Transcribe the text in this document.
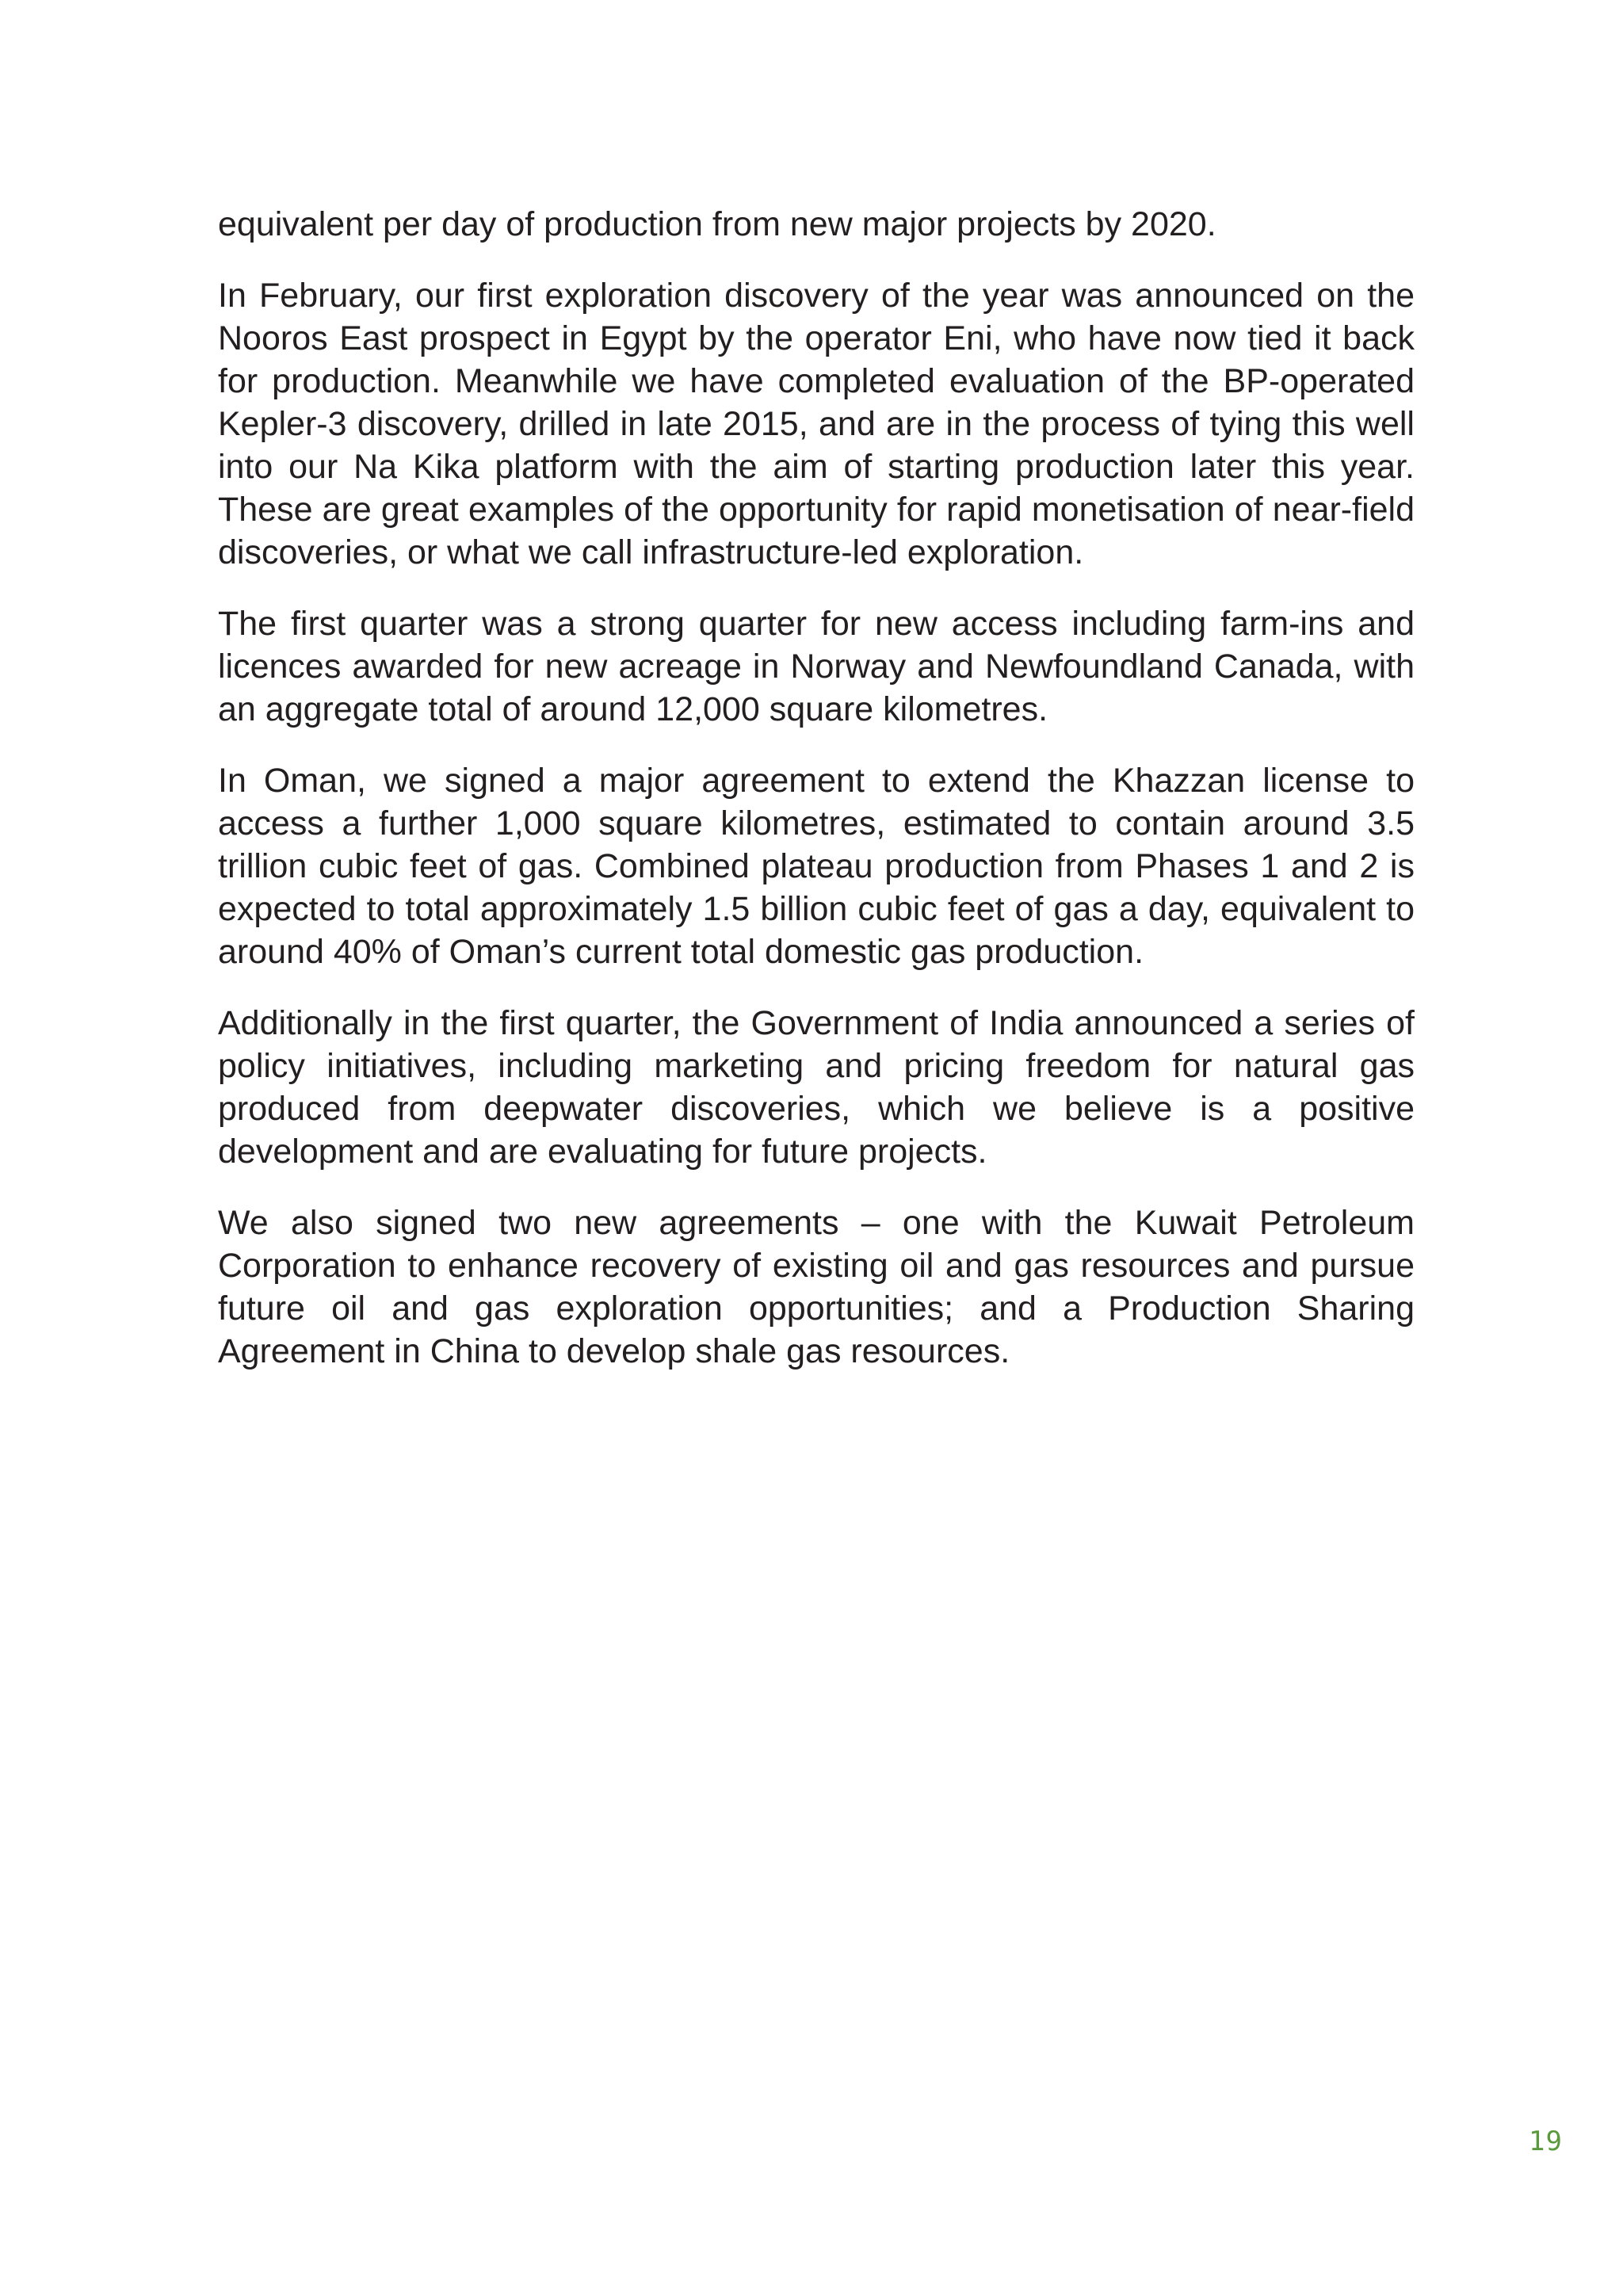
equivalent per day of production from new major projects by 2020.

In February, our first exploration discovery of the year was announced on the Nooros East prospect in Egypt by the operator Eni, who have now tied it back for production. Meanwhile we have completed evaluation of the BP-operated Kepler-3 discovery, drilled in late 2015, and are in the process of tying this well into our Na Kika platform with the aim of starting production later this year. These are great examples of the opportunity for rapid monetisation of near-field discoveries, or what we call infrastructure-led exploration.

The first quarter was a strong quarter for new access including farm-ins and licences awarded for new acreage in Norway and Newfoundland Canada, with an aggregate total of around 12,000 square kilometres.

In Oman, we signed a major agreement to extend the Khazzan license to access a further 1,000 square kilometres, estimated to contain around 3.5 trillion cubic feet of gas. Combined plateau production from Phases 1 and 2 is expected to total approximately 1.5 billion cubic feet of gas a day, equivalent to around 40% of Oman’s current total domestic gas production.

Additionally in the first quarter, the Government of India announced a series of policy initiatives, including marketing and pricing freedom for natural gas produced from deepwater discoveries, which we believe is a positive development and are evaluating for future projects.

We also signed two new agreements – one with the Kuwait Petroleum Corporation to enhance recovery of existing oil and gas resources and pursue future oil and gas exploration opportunities; and a Production Sharing Agreement in China to develop shale gas resources.

19
